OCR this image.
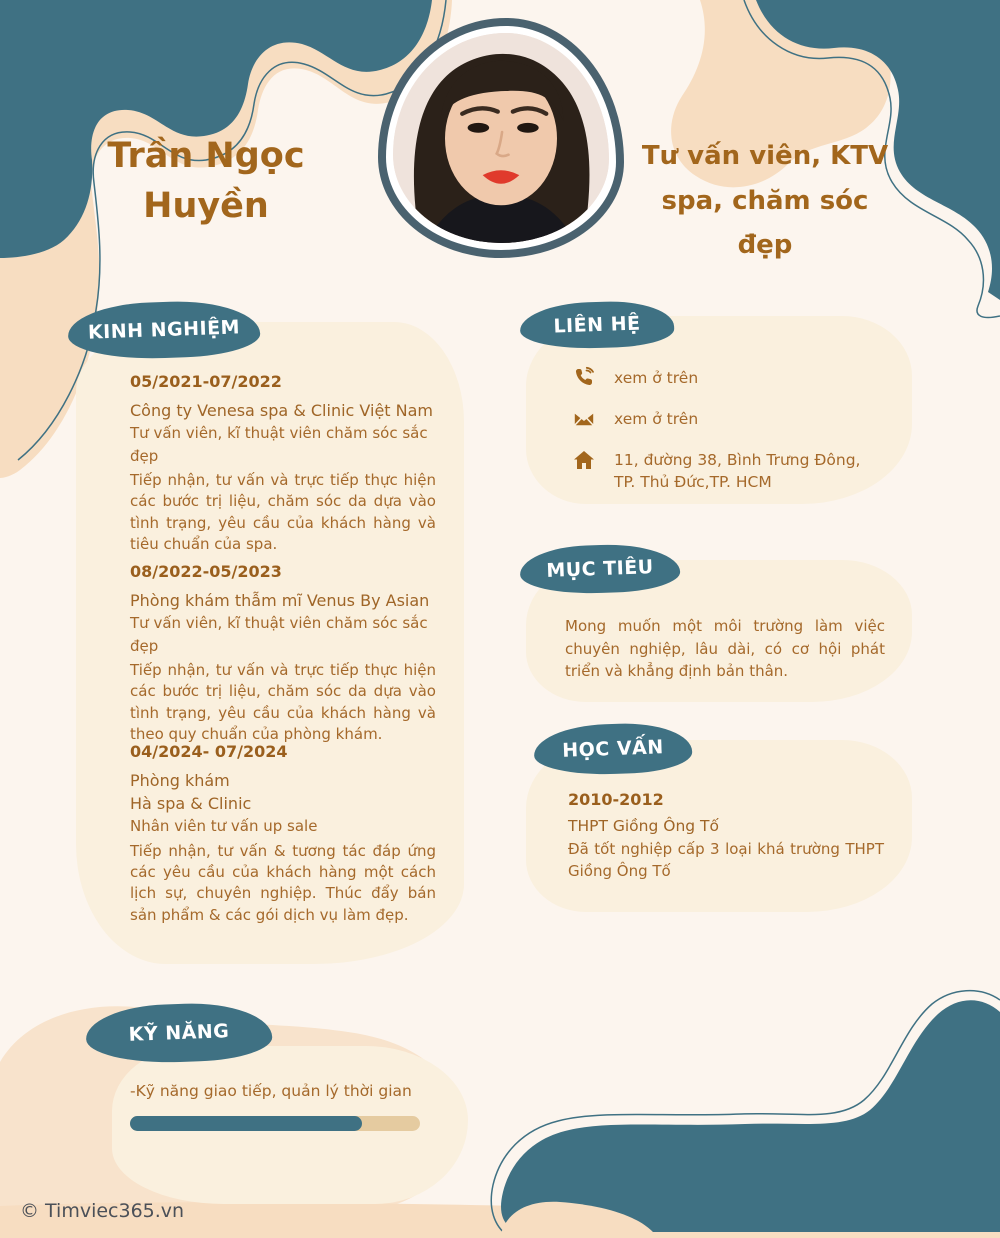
Trần Ngọc Huyền
Tư vấn viên, KTV
spa, chăm sóc đẹp
KINH NGHIỆM	LIÊN HỆ
MỤC TIÊU
HỌC VẤN
KỸ NĂNG
05/2021-07/2022
Công ty Venesa spa & Clinic Việt Nam
Tư vấn viên, kĩ thuật viên chăm sóc sắc đẹp
Tiếp nhận, tư vấn và trực tiếp thực hiện các bước trị liệu, chăm sóc da dựa vào tình trạng, yêu cầu của khách hàng và tiêu chuẩn của spa.
08/2022-05/2023
Phòng khám thẫm mĩ Venus By Asian
Tư vấn viên, kĩ thuật viên chăm sóc sắc đẹp
Tiếp nhận, tư vấn và trực tiếp thực hiện các bước trị liệu, chăm sóc da dựa vào tình trạng, yêu cầu của khách hàng và theo quy chuẩn của phòng khám.
04/2024- 07/2024
Phòng khám
Hà spa & Clinic
Nhân viên tư vấn up sale
Tiếp nhận, tư vấn & tương tác đáp ứng các yêu cầu của khách hàng một cách lịch sự, chuyên nghiệp. Thúc đẩy bán sản phẩm & các gói dịch vụ làm đẹp.
xem ở trên
xem ở trên
11, đường 38, Bình Trưng Đông, TP. Thủ Đức,TP. HCM
Mong muốn một môi trường làm việc chuyên nghiệp, lâu dài, có cơ hội phát triển và khẳng định bản thân.
2010-2012
THPT Giồng Ông Tố
Đã tốt nghiệp cấp 3 loại khá trường THPT Giồng Ông Tố
-Kỹ năng giao tiếp, quản lý thời gian
© Timviec365.vn
